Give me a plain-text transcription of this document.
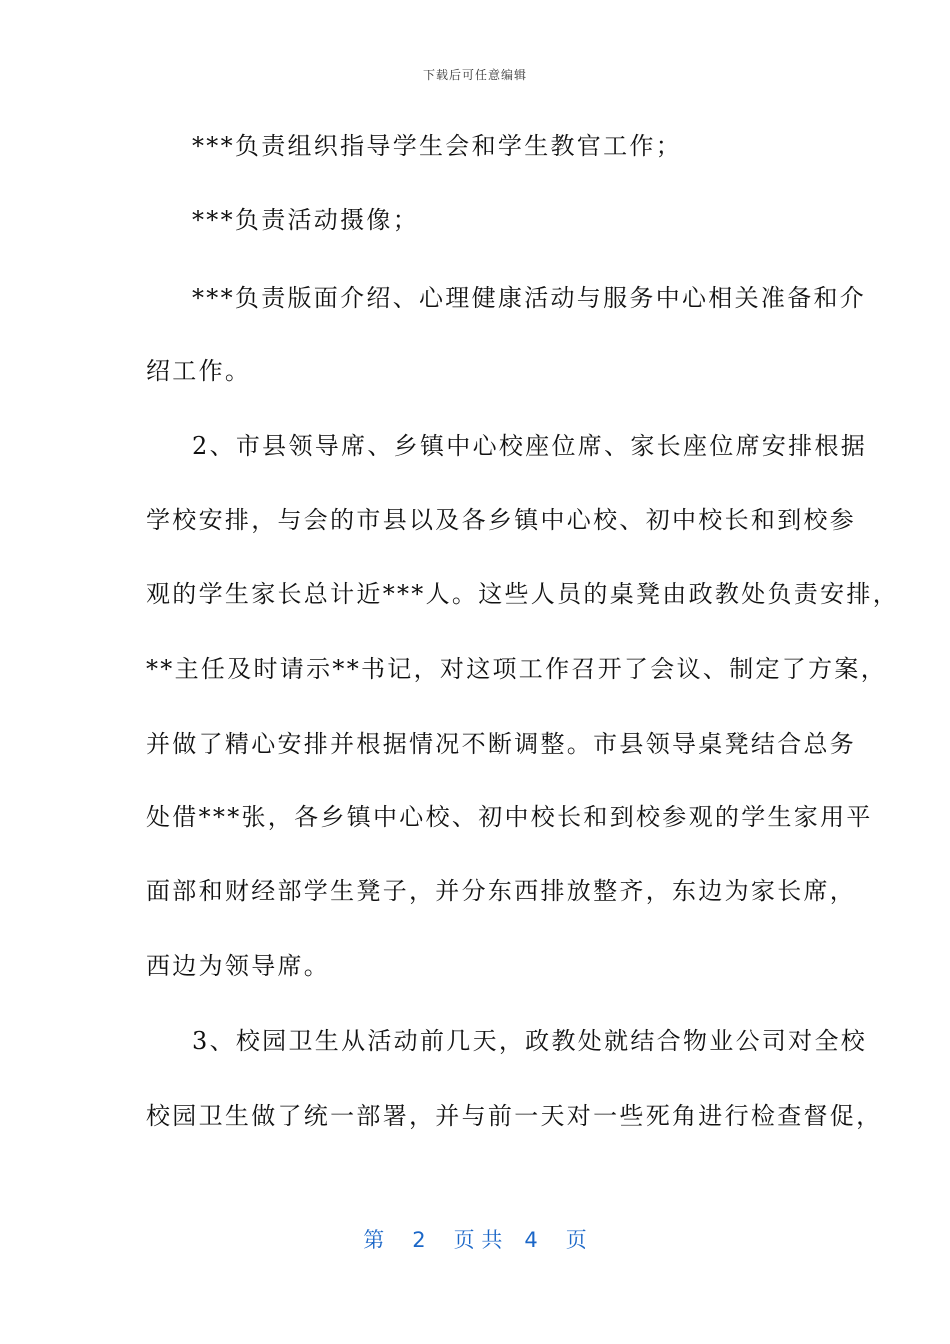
下载后可任意编辑
***负责组织指导学生会和学生教官工作；
***负责活动摄像；
***负责版面介绍、心理健康活动与服务中心相关准备和介
绍工作。
2、市县领导席、乡镇中心校座位席、家长座位席安排根据
学校安排，与会的市县以及各乡镇中心校、初中校长和到校参
观的学生家长总计近***人。这些人员的桌凳由政教处负责安排，
**主任及时请示**书记，对这项工作召开了会议、制定了方案，
并做了精心安排并根据情况不断调整。市县领导桌凳结合总务
处借***张，各乡镇中心校、初中校长和到校参观的学生家用平
面部和财经部学生凳子，并分东西排放整齐，东边为家长席，
西边为领导席。
3、校园卫生从活动前几天，政教处就结合物业公司对全校
校园卫生做了统一部署，并与前一天对一些死角进行检查督促，
第 2 页 共 4 页
